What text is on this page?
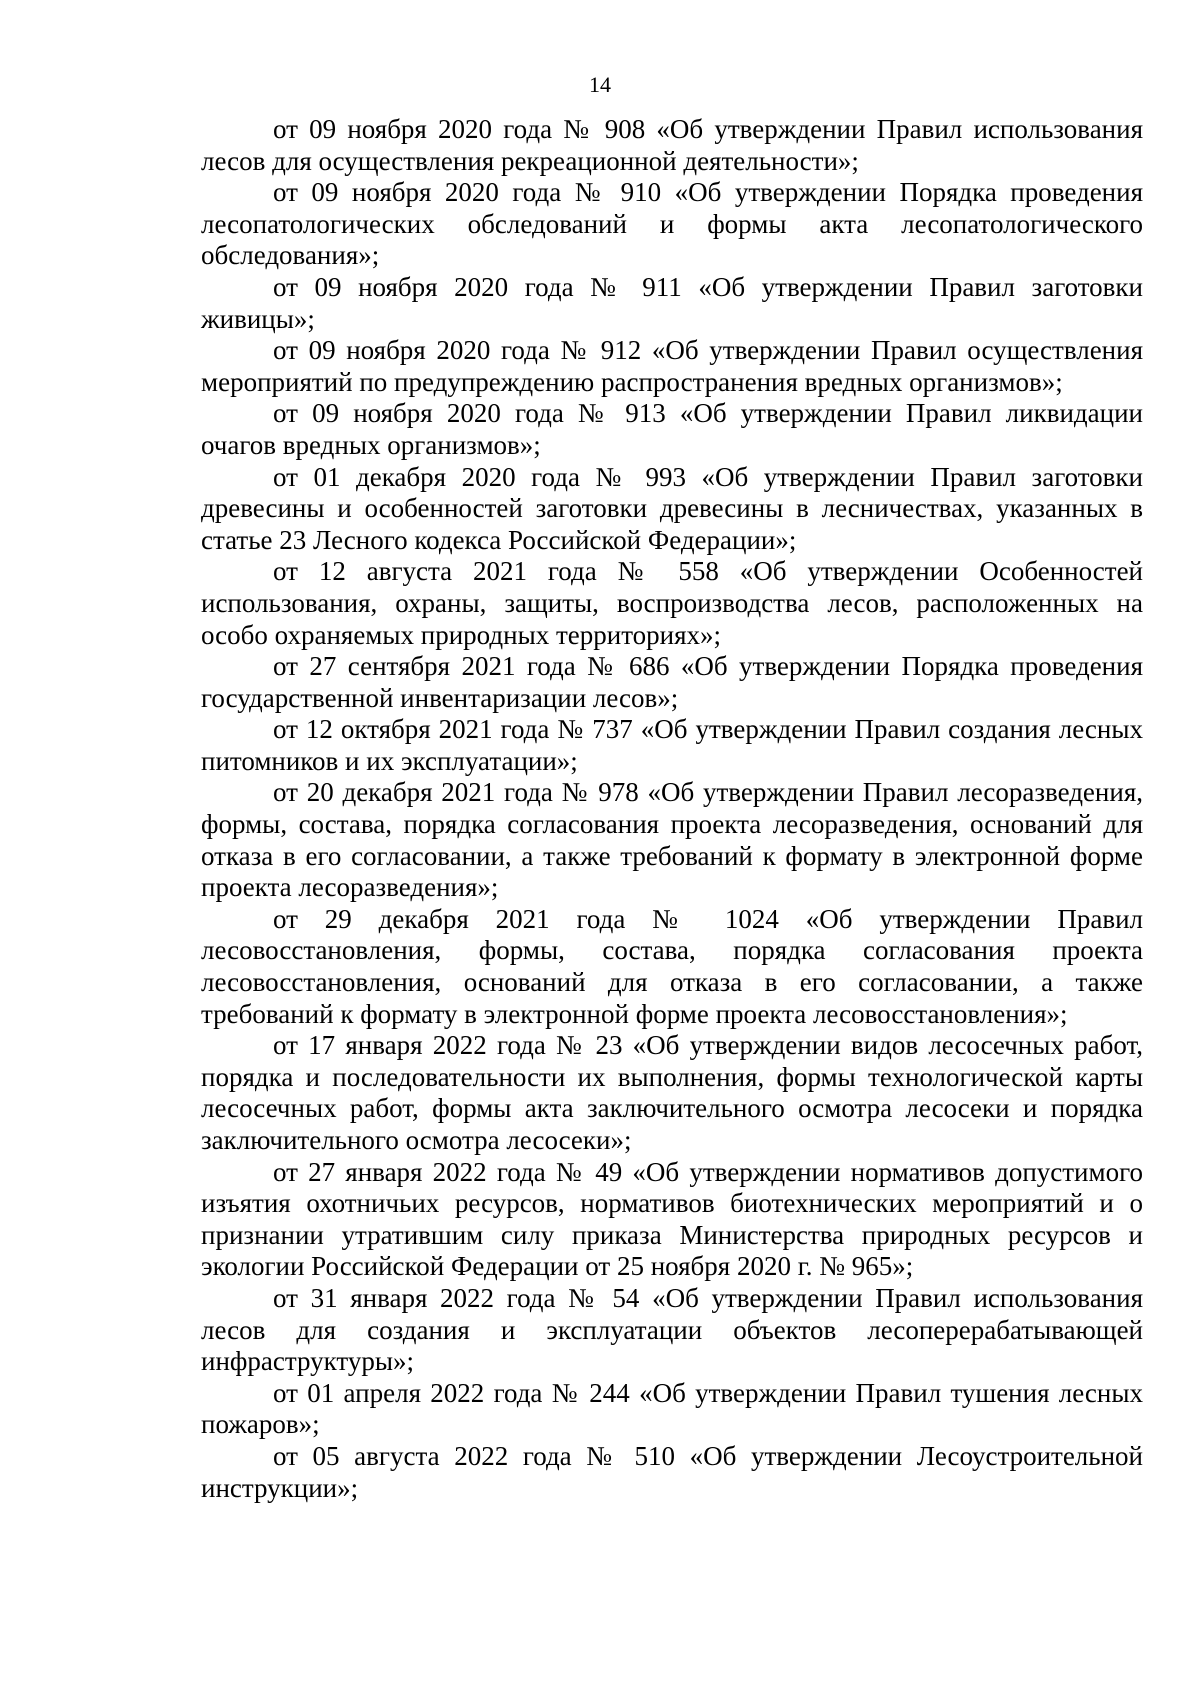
14

от 09 ноября 2020 года № 908 «Об утверждении Правил использования лесов для осуществления рекреационной деятельности»;

от 09 ноября 2020 года № 910 «Об утверждении Порядка проведения лесопатологических обследований и формы акта лесопатологического обследования»;

от 09 ноября 2020 года № 911 «Об утверждении Правил заготовки живицы»;

от 09 ноября 2020 года № 912 «Об утверждении Правил осуществления мероприятий по предупреждению распространения вредных организмов»;

от 09 ноября 2020 года № 913 «Об утверждении Правил ликвидации очагов вредных организмов»;

от 01 декабря 2020 года № 993 «Об утверждении Правил заготовки древесины и особенностей заготовки древесины в лесничествах, указанных в статье 23 Лесного кодекса Российской Федерации»;

от 12 августа 2021 года № 558 «Об утверждении Особенностей использования, охраны, защиты, воспроизводства лесов, расположенных на особо охраняемых природных территориях»;

от 27 сентября 2021 года № 686 «Об утверждении Порядка проведения государственной инвентаризации лесов»;

от 12 октября 2021 года № 737 «Об утверждении Правил создания лесных питомников и их эксплуатации»;

от 20 декабря 2021 года № 978 «Об утверждении Правил лесоразведения, формы, состава, порядка согласования проекта лесоразведения, оснований для отказа в его согласовании, а также требований к формату в электронной форме проекта лесоразведения»;

от 29 декабря 2021 года № 1024 «Об утверждении Правил лесовосстановления, формы, состава, порядка согласования проекта лесовосстановления, оснований для отказа в его согласовании, а также требований к формату в электронной форме проекта лесовосстановления»;

от 17 января 2022 года № 23 «Об утверждении видов лесосечных работ, порядка и последовательности их выполнения, формы технологической карты лесосечных работ, формы акта заключительного осмотра лесосеки и порядка заключительного осмотра лесосеки»;

от 27 января 2022 года № 49 «Об утверждении нормативов допустимого изъятия охотничьих ресурсов, нормативов биотехнических мероприятий и о признании утратившим силу приказа Министерства природных ресурсов и экологии Российской Федерации от 25 ноября 2020 г. № 965»;

от 31 января 2022 года № 54 «Об утверждении Правил использования лесов для создания и эксплуатации объектов лесоперерабатывающей инфраструктуры»;

от 01 апреля 2022 года № 244 «Об утверждении Правил тушения лесных пожаров»;

от 05 августа 2022 года № 510 «Об утверждении Лесоустроительной инструкции»;
